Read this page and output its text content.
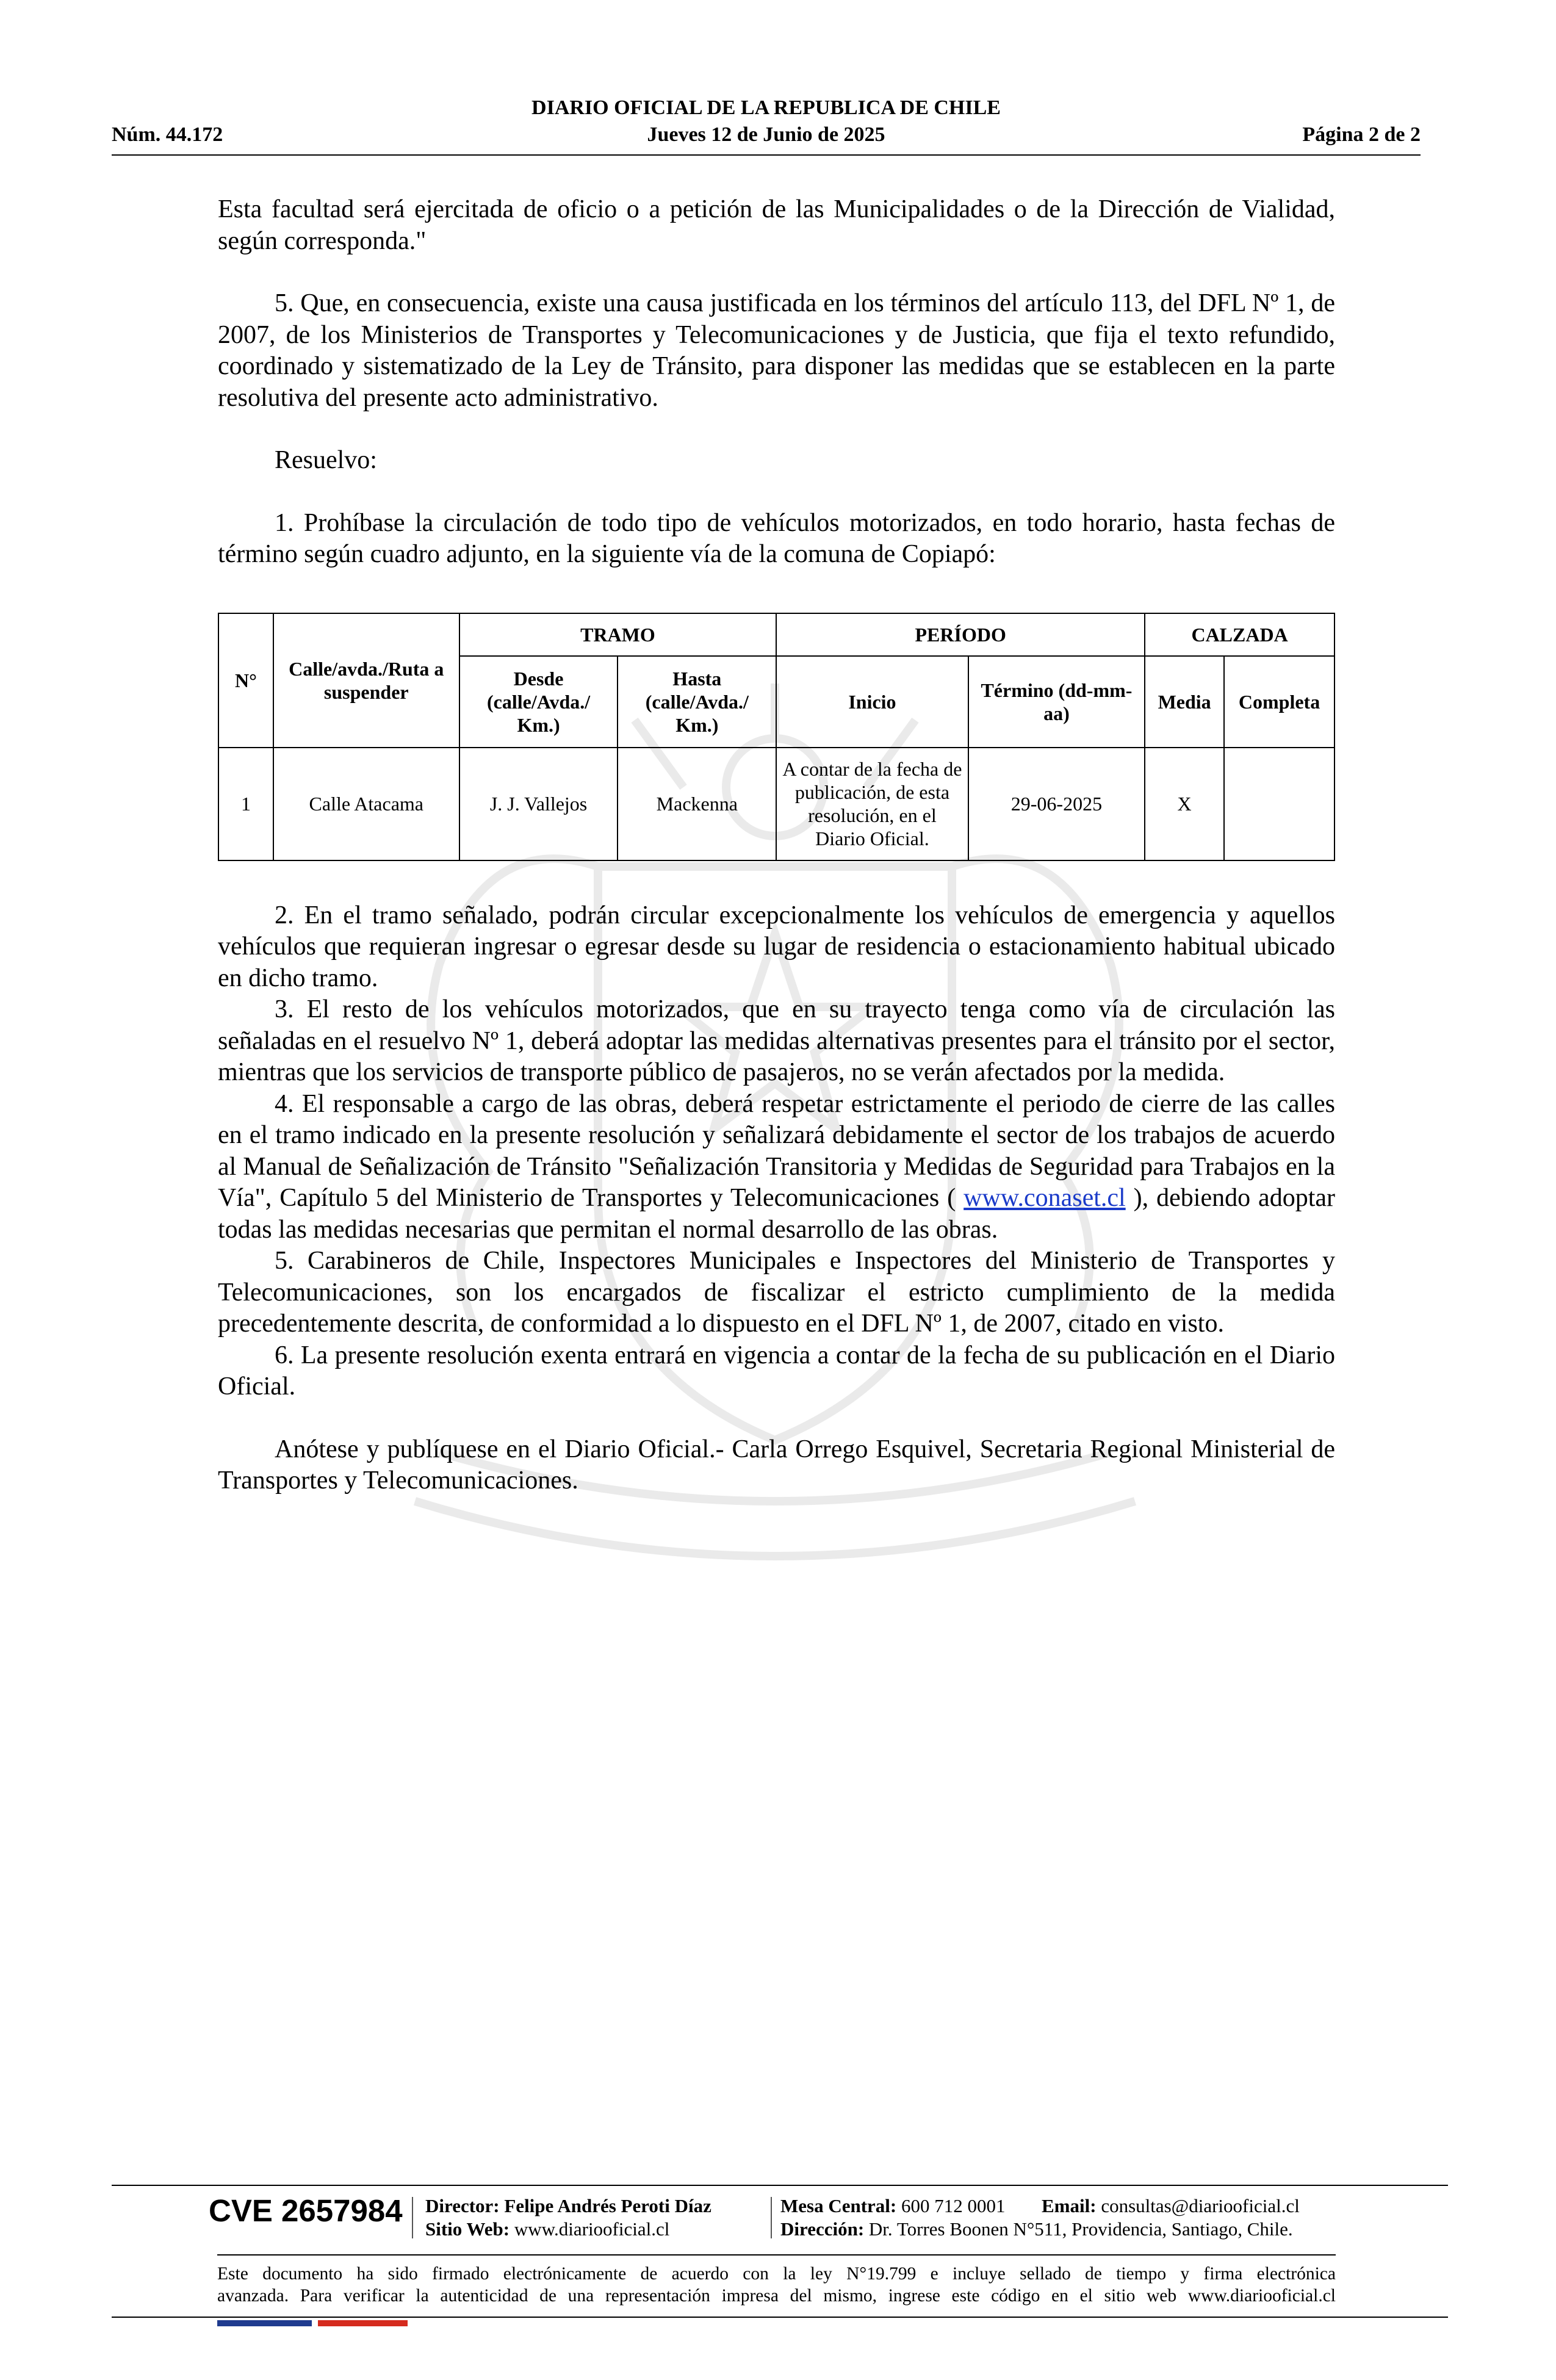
DIARIO OFICIAL DE LA REPUBLICA DE CHILE
Núm. 44.172	Jueves 12 de Junio de 2025	Página 2 de 2

Esta facultad será ejercitada de oficio o a petición de las Municipalidades o de la Dirección de Vialidad, según corresponda."

5. Que, en consecuencia, existe una causa justificada en los términos del artículo 113, del DFL Nº 1, de 2007, de los Ministerios de Transportes y Telecomunicaciones y de Justicia, que fija el texto refundido, coordinado y sistematizado de la Ley de Tránsito, para disponer las medidas que se establecen en la parte resolutiva del presente acto administrativo.

Resuelvo:

1. Prohíbase la circulación de todo tipo de vehículos motorizados, en todo horario, hasta fechas de término según cuadro adjunto, en la siguiente vía de la comuna de Copiapó:

N°	Calle/avda./Ruta a suspender	TRAMO		PERÍODO		CALZADA	
		Desde (calle/Avda./ Km.)	Hasta (calle/Avda./ Km.)	Inicio	Término (dd-mm-aa)	Media	Completa
1	Calle Atacama	J. J. Vallejos	Mackenna	A contar de la fecha de publicación, de esta resolución, en el Diario Oficial.	29-06-2025	X	

2. En el tramo señalado, podrán circular excepcionalmente los vehículos de emergencia y aquellos vehículos que requieran ingresar o egresar desde su lugar de residencia o estacionamiento habitual ubicado en dicho tramo.

3. El resto de los vehículos motorizados, que en su trayecto tenga como vía de circulación las señaladas en el resuelvo Nº 1, deberá adoptar las medidas alternativas presentes para el tránsito por el sector, mientras que los servicios de transporte público de pasajeros, no se verán afectados por la medida.

4. El responsable a cargo de las obras, deberá respetar estrictamente el periodo de cierre de las calles en el tramo indicado en la presente resolución y señalizará debidamente el sector de los trabajos de acuerdo al Manual de Señalización de Tránsito "Señalización Transitoria y Medidas de Seguridad para Trabajos en la Vía", Capítulo 5 del Ministerio de Transportes y Telecomunicaciones ( www.conaset.cl ), debiendo adoptar todas las medidas necesarias que permitan el normal desarrollo de las obras.

5. Carabineros de Chile, Inspectores Municipales e Inspectores del Ministerio de Transportes y Telecomunicaciones, son los encargados de fiscalizar el estricto cumplimiento de la medida precedentemente descrita, de conformidad a lo dispuesto en el DFL Nº 1, de 2007, citado en visto.

6. La presente resolución exenta entrará en vigencia a contar de la fecha de su publicación en el Diario Oficial.

Anótese y publíquese en el Diario Oficial.- Carla Orrego Esquivel, Secretaria Regional Ministerial de Transportes y Telecomunicaciones.

CVE 2657984 Director: Felipe Andrés Peroti Díaz
Sitio Web: www.diariooficial.cl
Mesa Central: 600 712 0001 Email: consultas@diariooficial.cl
Dirección: Dr. Torres Boonen N°511, Providencia, Santiago, Chile.
Este documento ha sido firmado electrónicamente de acuerdo con la ley N°19.799 e incluye sellado de tiempo y firma electrónica
avanzada. Para verificar la autenticidad de una representación impresa del mismo, ingrese este código en el sitio web www.diariooficial.cl
